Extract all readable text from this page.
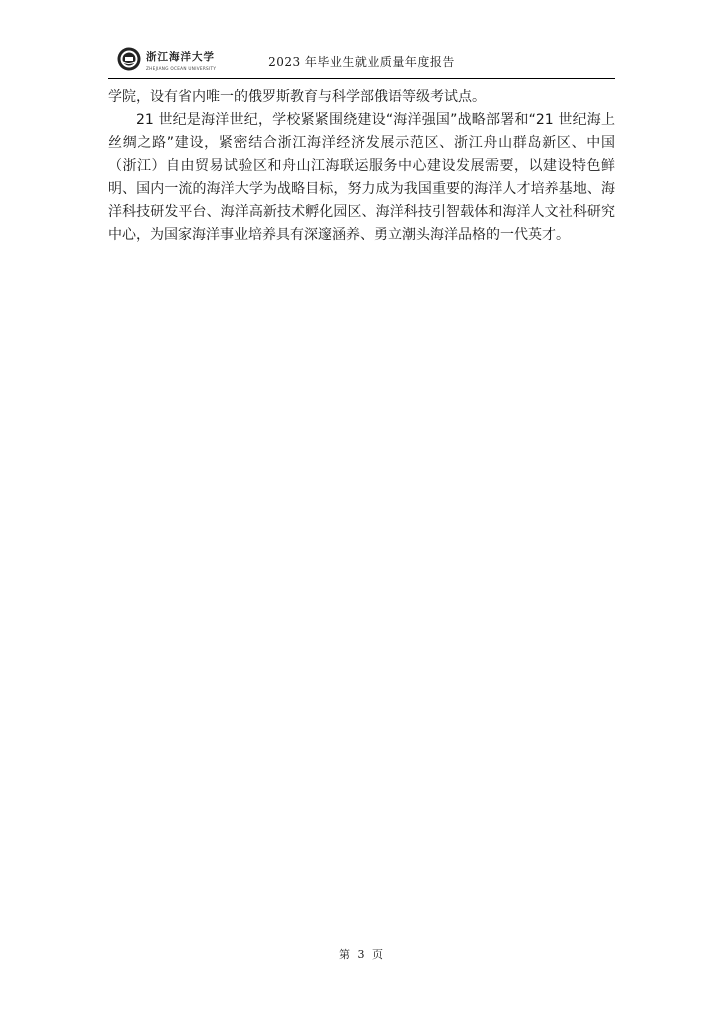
浙江海洋大学
ZHEJIANG OCEAN UNIVERSITY	2023 年毕业生就业质量年度报告

学院，设有省内唯一的俄罗斯教育与科学部俄语等级考试点。

21 世纪是海洋世纪，学校紧紧围绕建设“海洋强国”战略部署和“21 世纪海上丝绸之路”建设，紧密结合浙江海洋经济发展示范区、浙江舟山群岛新区、中国（浙江）自由贸易试验区和舟山江海联运服务中心建设发展需要，以建设特色鲜明、国内一流的海洋大学为战略目标，努力成为我国重要的海洋人才培养基地、海洋科技研发平台、海洋高新技术孵化园区、海洋科技引智载体和海洋人文社科研究中心，为国家海洋事业培养具有深邃涵养、勇立潮头海洋品格的一代英才。

第 3 页
